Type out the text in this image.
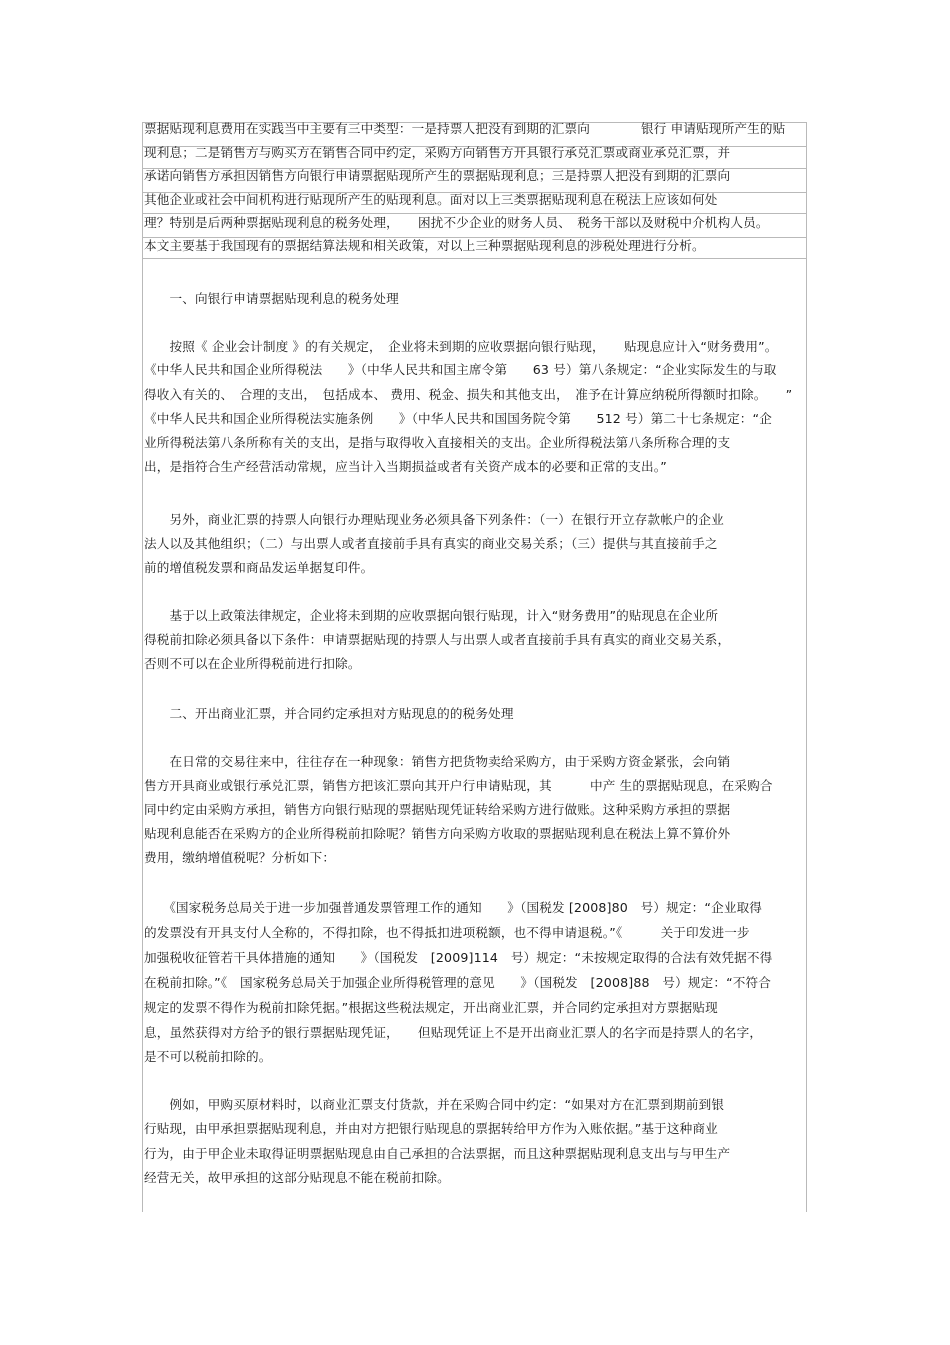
票据贴现利息费用在实践当中主要有三中类型：一是持票人把没有到期的汇票向　　　　银行 申请贴现所产生的贴
现利息；二是销售方与购买方在销售合同中约定，采购方向销售方开具银行承兑汇票或商业承兑汇票，并
承诺向销售方承担因销售方向银行申请票据贴现所产生的票据贴现利息；三是持票人把没有到期的汇票向
其他企业或社会中间机构进行贴现所产生的贴现利息。面对以上三类票据贴现利息在税法上应该如何处
理？特别是后两种票据贴现利息的税务处理，　　困扰不少企业的财务人员、　税务干部以及财税中介机构人员。
本文主要基于我国现有的票据结算法规和相关政策，对以上三种票据贴现利息的涉税处理进行分析。
　　一、向银行申请票据贴现利息的税务处理
　　按照《 企业会计制度 》的有关规定，　企业将未到期的应收票据向银行贴现，　　贴现息应计入“财务费用”。
《中华人民共和国企业所得税法　　》（中华人民共和国主席令第　　63 号）第八条规定：“企业实际发生的与取
得收入有关的、　合理的支出，　包括成本、 费用、税金、损失和其他支出，　准予在计算应纳税所得额时扣除。　　”
《中华人民共和国企业所得税法实施条例　　》（中华人民共和国国务院令第　　512 号）第二十七条规定：“企
业所得税法第八条所称有关的支出，是指与取得收入直接相关的支出。企业所得税法第八条所称合理的支
出，是指符合生产经营活动常规，应当计入当期损益或者有关资产成本的必要和正常的支出。”
　　另外，商业汇票的持票人向银行办理贴现业务必须具备下列条件：（一）在银行开立存款帐户的企业
法人以及其他组织；（二）与出票人或者直接前手具有真实的商业交易关系；（三）提供与其直接前手之
前的增值税发票和商品发运单据复印件。
　　基于以上政策法律规定，企业将未到期的应收票据向银行贴现，计入“财务费用”的贴现息在企业所
得税前扣除必须具备以下条件：申请票据贴现的持票人与出票人或者直接前手具有真实的商业交易关系，
否则不可以在企业所得税前进行扣除。
　　二、开出商业汇票，并合同约定承担对方贴现息的的税务处理
　　在日常的交易往来中，往往存在一种现象：销售方把货物卖给采购方，由于采购方资金紧张，会向销
售方开具商业或银行承兑汇票，销售方把该汇票向其开户行申请贴现，其　　　中产 生的票据贴现息，在采购合
同中约定由采购方承担，销售方向银行贴现的票据贴现凭证转给采购方进行做账。这种采购方承担的票据
贴现利息能否在采购方的企业所得税前扣除呢？销售方向采购方收取的票据贴现利息在税法上算不算价外
费用，缴纳增值税呢？分析如下：
　　《国家税务总局关于进一步加强普通发票管理工作的通知　　》（国税发 [2008]80　号）规定：“企业取得
的发票没有开具支付人全称的，不得扣除，也不得抵扣进项税额，也不得申请退税。”《　　　关于印发进一步
加强税收征管若干具体措施的通知　　》（国税发　[2009]114　号）规定：“未按规定取得的合法有效凭据不得
在税前扣除。”《　国家税务总局关于加强企业所得税管理的意见　　》（国税发　[2008]88　号）规定：“不符合
规定的发票不得作为税前扣除凭据。”根据这些税法规定，开出商业汇票，并合同约定承担对方票据贴现
息，虽然获得对方给予的银行票据贴现凭证，　　但贴现凭证上不是开出商业汇票人的名字而是持票人的名字，
是不可以税前扣除的。
　　例如，甲购买原材料时，以商业汇票支付货款，并在采购合同中约定：“如果对方在汇票到期前到银
行贴现，由甲承担票据贴现利息，并由对方把银行贴现息的票据转给甲方作为入账依据。”基于这种商业
行为，由于甲企业未取得证明票据贴现息由自己承担的合法票据，而且这种票据贴现利息支出与与甲生产
经营无关，故甲承担的这部分贴现息不能在税前扣除。
